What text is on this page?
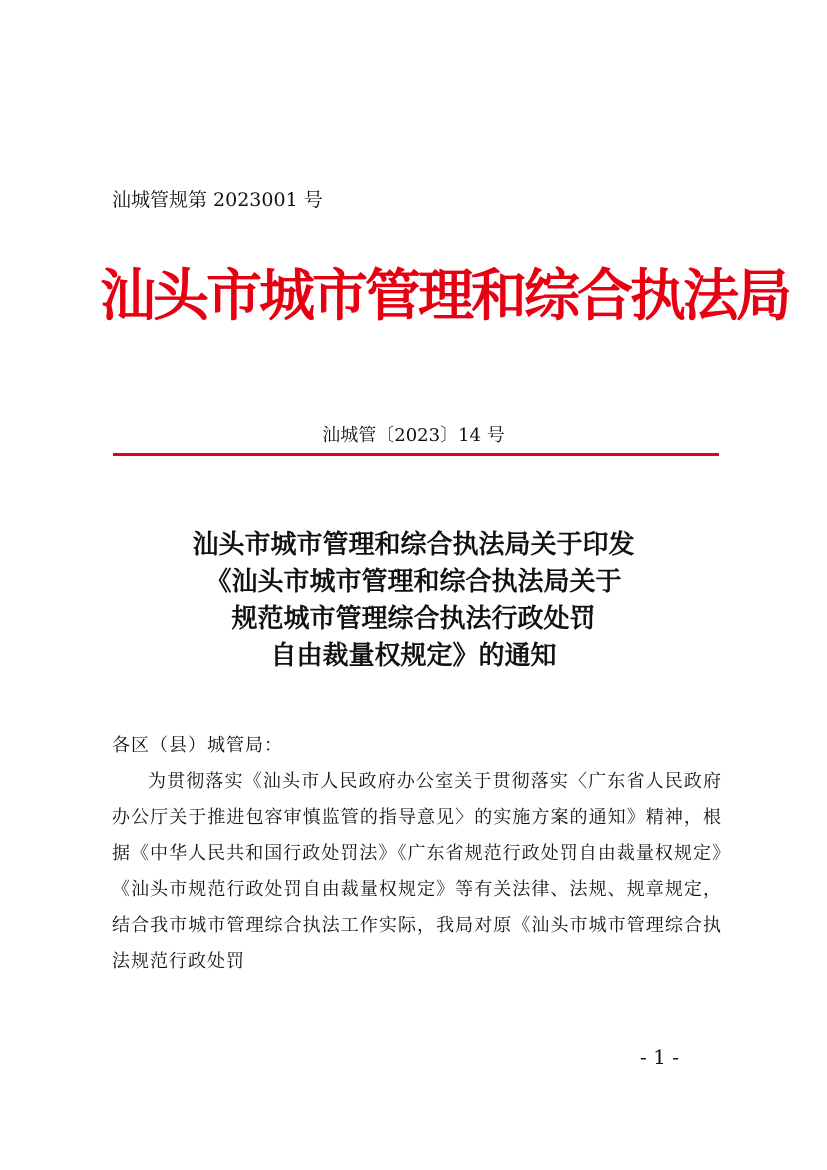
汕城管规第 2023001 号
汕头市城市管理和综合执法局
汕城管〔2023〕14 号
汕头市城市管理和综合执法局关于印发
《汕头市城市管理和综合执法局关于
规范城市管理综合执法行政处罚
自由裁量权规定》的通知
各区（县）城管局：
为贯彻落实《汕头市人民政府办公室关于贯彻落实〈广东省人民政府办公厅关于推进包容审慎监管的指导意见〉的实施方案的通知》精神，根据《中华人民共和国行政处罚法》《广东省规范行政处罚自由裁量权规定》《汕头市规范行政处罚自由裁量权规定》等有关法律、法规、规章规定，结合我市城市管理综合执法工作实际，我局对原《汕头市城市管理综合执法规范行政处罚
- 1 -
